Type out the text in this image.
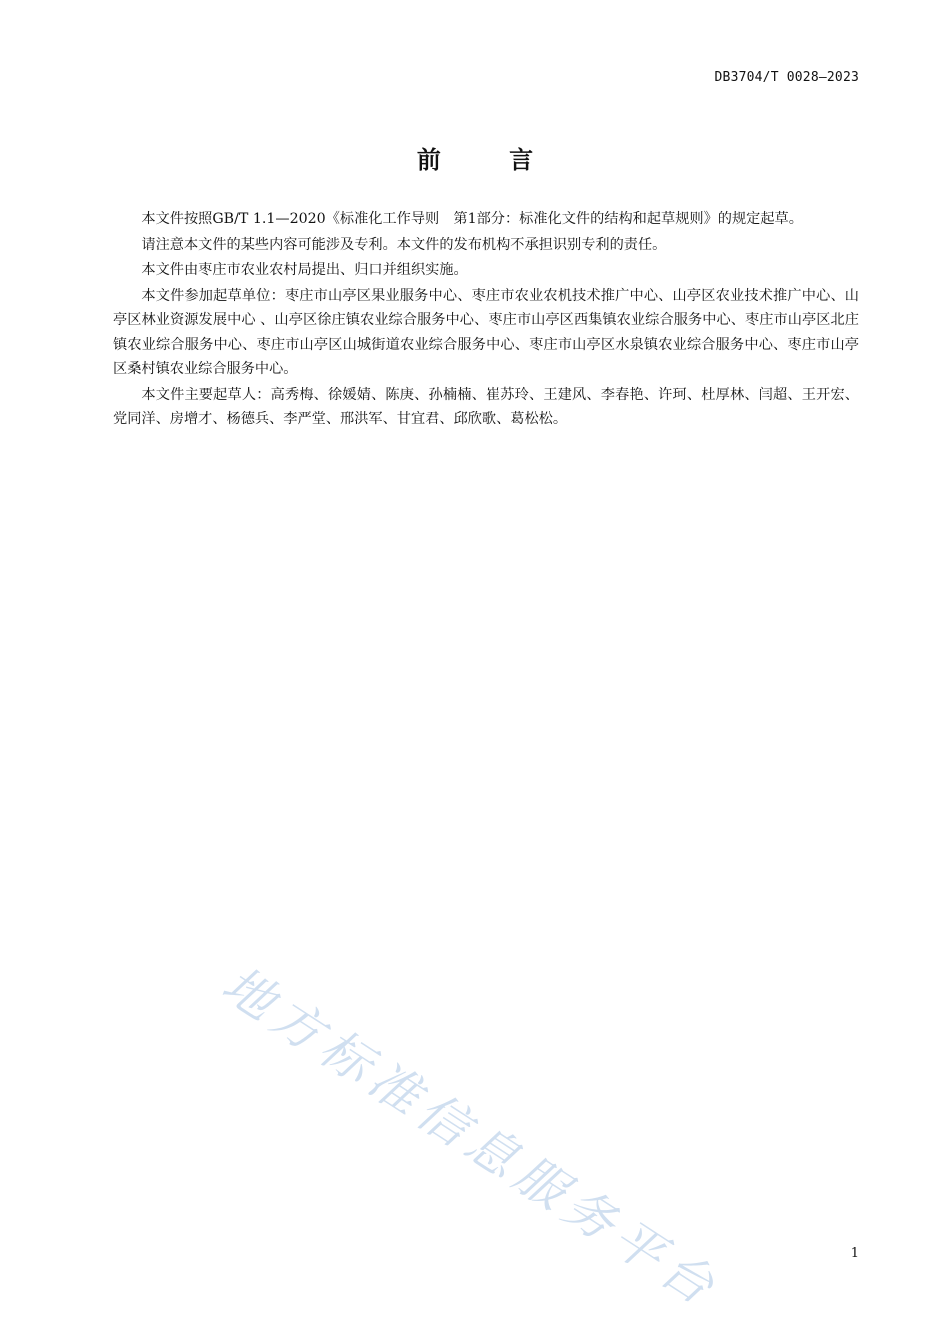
DB3704/T 0028—2023
前 言

本文件按照GB/T 1.1—2020《标准化工作导则　第1部分：标准化文件的结构和起草规则》的规定起草。

请注意本文件的某些内容可能涉及专利。本文件的发布机构不承担识别专利的责任。

本文件由枣庄市农业农村局提出、归口并组织实施。

本文件参加起草单位：枣庄市山亭区果业服务中心、枣庄市农业农机技术推广中心、山亭区农业技术推广中心、山亭区林业资源发展中心 、山亭区徐庄镇农业综合服务中心、枣庄市山亭区西集镇农业综合服务中心、枣庄市山亭区北庄镇农业综合服务中心、枣庄市山亭区山城街道农业综合服务中心、枣庄市山亭区水泉镇农业综合服务中心、枣庄市山亭区桑村镇农业综合服务中心。

本文件主要起草人：高秀梅、徐媛婧、陈庚、孙楠楠、崔苏玲、王建风、李春艳、许珂、杜厚林、闫超、王开宏、党同洋、房增才、杨德兵、李严堂、邢洪军、甘宜君、邱欣歌、葛松松。

地方标准信息服务平台	1
